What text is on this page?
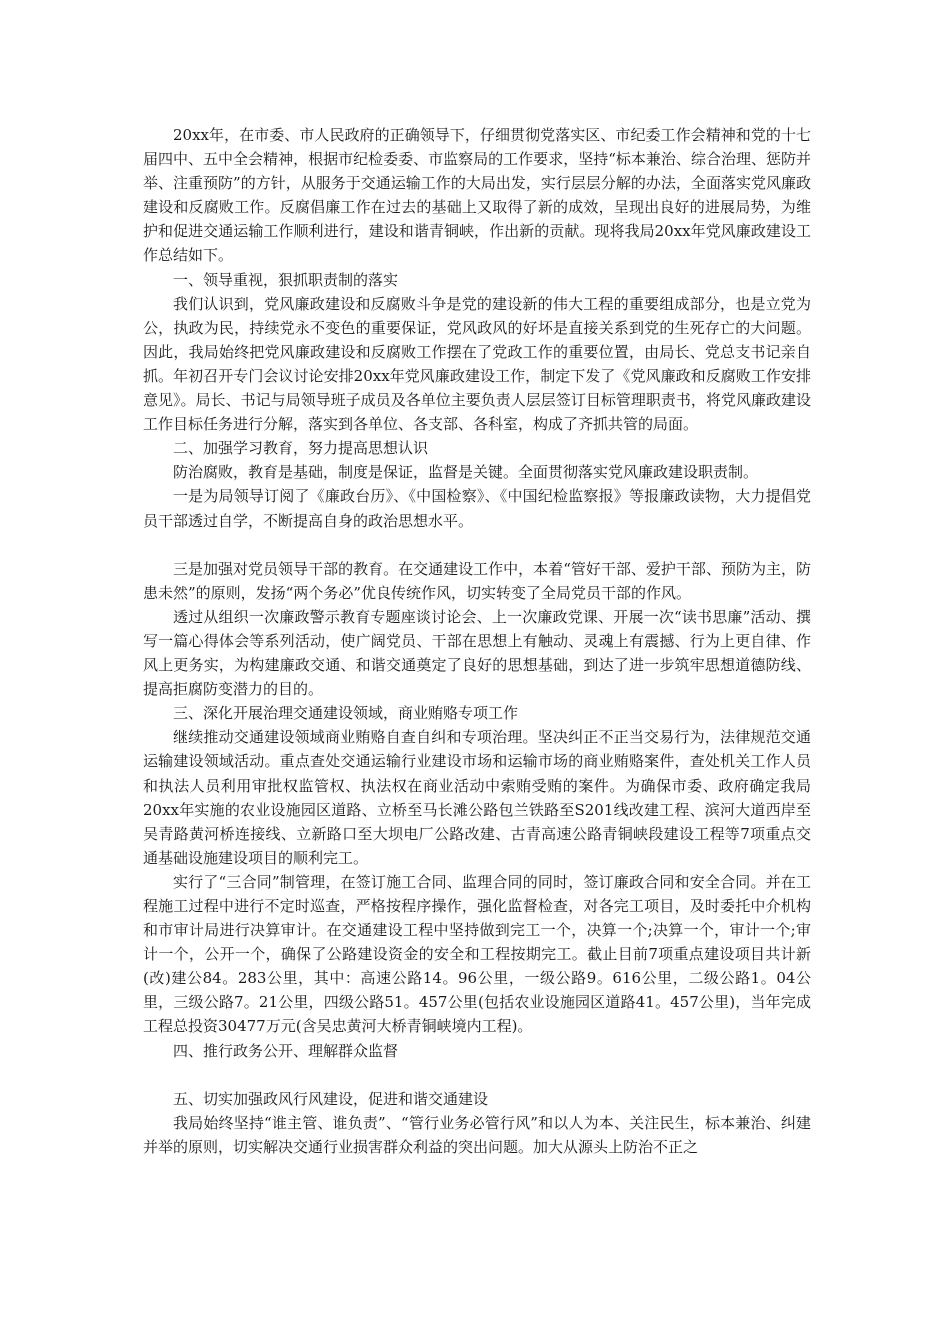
20xx年，在市委、市人民政府的正确领导下，仔细贯彻党落实区、市纪委工作会精神和党的十七届四中、五中全会精神，根据市纪检委委、市监察局的工作要求，坚持“标本兼治、综合治理、惩防并举、注重预防”的方针，从服务于交通运输工作的大局出发，实行层层分解的办法，全面落实党风廉政建设和反腐败工作。反腐倡廉工作在过去的基础上又取得了新的成效，呈现出良好的进展局势，为维护和促进交通运输工作顺利进行，建设和谐青铜峡，作出新的贡献。现将我局20xx年党风廉政建设工作总结如下。

一、领导重视，狠抓职责制的落实

我们认识到，党风廉政建设和反腐败斗争是党的建设新的伟大工程的重要组成部分，也是立党为公，执政为民，持续党永不变色的重要保证，党风政风的好坏是直接关系到党的生死存亡的大问题。因此，我局始终把党风廉政建设和反腐败工作摆在了党政工作的重要位置，由局长、党总支书记亲自抓。年初召开专门会议讨论安排20xx年党风廉政建设工作，制定下发了《党风廉政和反腐败工作安排意见》。局长、书记与局领导班子成员及各单位主要负责人层层签订目标管理职责书，将党风廉政建设工作目标任务进行分解，落实到各单位、各支部、各科室，构成了齐抓共管的局面。

二、加强学习教育，努力提高思想认识

防治腐败，教育是基础，制度是保证，监督是关键。全面贯彻落实党风廉政建设职责制。

一是为局领导订阅了《廉政台历》、《中国检察》、《中国纪检监察报》等报廉政读物，大力提倡党员干部透过自学，不断提高自身的政治思想水平。

三是加强对党员领导干部的教育。在交通建设工作中，本着“管好干部、爱护干部、预防为主，防患未然”的原则，发扬“两个务必”优良传统作风，切实转变了全局党员干部的作风。

透过从组织一次廉政警示教育专题座谈讨论会、上一次廉政党课、开展一次“读书思廉”活动、撰写一篇心得体会等系列活动，使广阔党员、干部在思想上有触动、灵魂上有震撼、行为上更自律、作风上更务实，为构建廉政交通、和谐交通奠定了良好的思想基础，到达了进一步筑牢思想道德防线、提高拒腐防变潜力的目的。

三、深化开展治理交通建设领域，商业贿赂专项工作

继续推动交通建设领域商业贿赂自查自纠和专项治理。坚决纠正不正当交易行为，法律规范交通运输建设领域活动。重点查处交通运输行业建设市场和运输市场的商业贿赂案件，查处机关工作人员和执法人员利用审批权监管权、执法权在商业活动中索贿受贿的案件。为确保市委、政府确定我局20xx年实施的农业设施园区道路、立桥至马长滩公路包兰铁路至S201线改建工程、滨河大道西岸至吴青路黄河桥连接线、立新路口至大坝电厂公路改建、古青高速公路青铜峡段建设工程等7项重点交通基础设施建设项目的顺利完工。

实行了“三合同”制管理，在签订施工合同、监理合同的同时，签订廉政合同和安全合同。并在工程施工过程中进行不定时巡查，严格按程序操作，强化监督检查，对各完工项目，及时委托中介机构和市审计局进行决算审计。在交通建设工程中坚持做到完工一个，决算一个;决算一个，审计一个;审计一个，公开一个，确保了公路建设资金的安全和工程按期完工。截止目前7项重点建设项目共计新(改)建公84。283公里，其中：高速公路14。96公里，一级公路9。616公里，二级公路1。04公里，三级公路7。21公里，四级公路51。457公里(包括农业设施园区道路41。457公里)，当年完成工程总投资30477万元(含吴忠黄河大桥青铜峡境内工程)。

四、推行政务公开、理解群众监督

五、切实加强政风行风建设，促进和谐交通建设

我局始终坚持“谁主管、谁负责”、“管行业务必管行风”和以人为本、关注民生，标本兼治、纠建并举的原则，切实解决交通行业损害群众利益的突出问题。加大从源头上防治不正之
